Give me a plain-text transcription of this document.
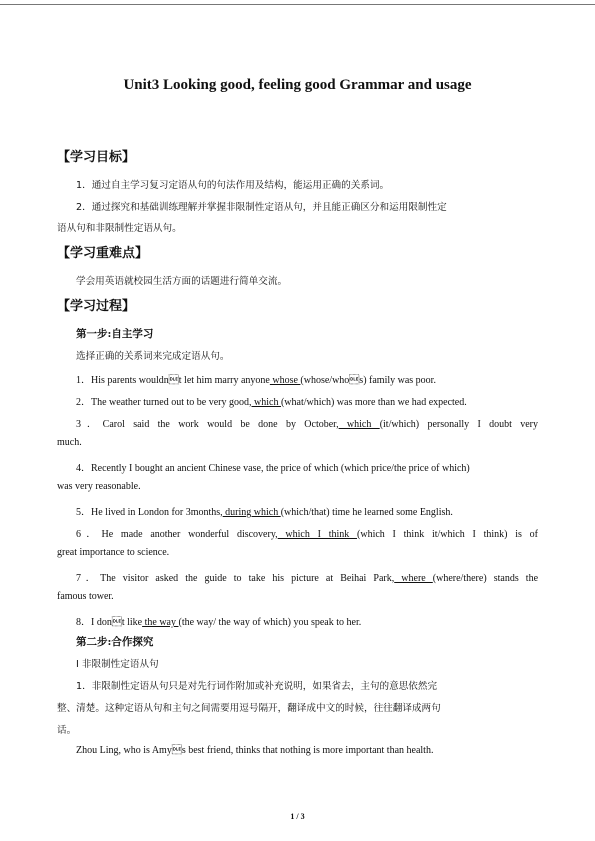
Unit3 Looking good, feeling good Grammar and usage
【学习目标】
1．通过自主学习复习定语从句的句法作用及结构，能运用正确的关系词。
2．通过探究和基础训练理解并掌握非限制性定语从句，并且能正确区分和运用限制性定
语从句和非限制性定语从句。
【学习重难点】
学会用英语就校园生活方面的话题进行简单交流。
【学习过程】
第一步:自主学习
选择正确的关系词来完成定语从句。
1．His parents wouldnt let him marry anyone whose (whose/whos) family was poor.
2．The weather turned out to be very good, which (what/which) was more than we had expected.
3．Carol said the work would be done by October, which (it/which) personally I doubt very
much.
4．Recently I bought an ancient Chinese vase, the price of which (which price/the price of which)
was very reasonable.
5．He lived in London for 3months, during which (which/that) time he learned some English.
6．He made another wonderful discovery, which I think (which I think it/which I think) is of
great importance to science.
7．The visitor asked the guide to take his picture at Beihai Park, where (where/there) stands the
famous tower.
8．I dont like the way (the way/ the way of which) you speak to her.
第二步:合作探究
I 非限制性定语从句
1．非限制性定语从句只是对先行词作附加或补充说明，如果省去，主句的意思依然完
整、清楚。这种定语从句和主句之间需要用逗号隔开，翻译成中文的时候，往往翻译成两句
话。
Zhou Ling, who is Amys best friend, thinks that nothing is more important than health.
1 / 3
